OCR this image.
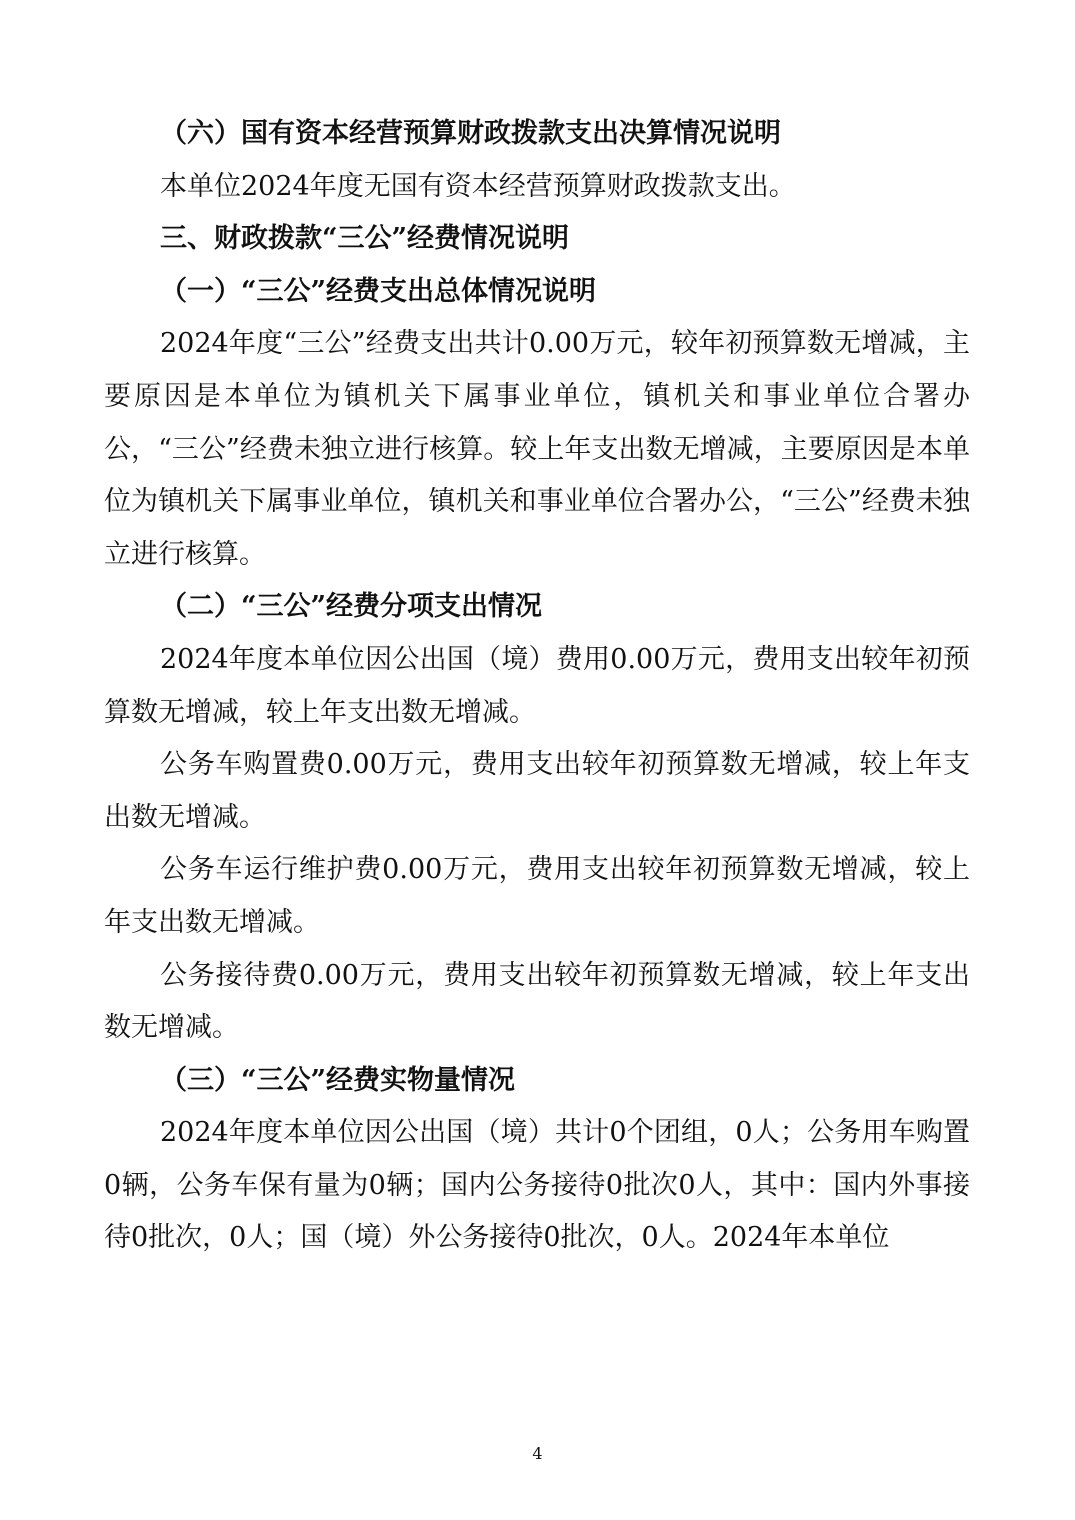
（六）国有资本经营预算财政拨款支出决算情况说明

本单位2024年度无国有资本经营预算财政拨款支出。

三、财政拨款“三公”经费情况说明

（一）“三公”经费支出总体情况说明

2024年度“三公”经费支出共计0.00万元，较年初预算数无增减，主要原因是本单位为镇机关下属事业单位，镇机关和事业单位合署办公，“三公”经费未独立进行核算。较上年支出数无增减，主要原因是本单位为镇机关下属事业单位，镇机关和事业单位合署办公，“三公”经费未独立进行核算。

（二）“三公”经费分项支出情况

2024年度本单位因公出国（境）费用0.00万元，费用支出较年初预算数无增减，较上年支出数无增减。

公务车购置费0.00万元，费用支出较年初预算数无增减，较上年支出数无增减。

公务车运行维护费0.00万元，费用支出较年初预算数无增减，较上年支出数无增减。

公务接待费0.00万元，费用支出较年初预算数无增减，较上年支出数无增减。

（三）“三公”经费实物量情况

2024年度本单位因公出国（境）共计0个团组，0人；公务用车购置0辆，公务车保有量为0辆；国内公务接待0批次0人，其中：国内外事接待0批次，0人；国（境）外公务接待0批次，0人。2024年本单位

4
